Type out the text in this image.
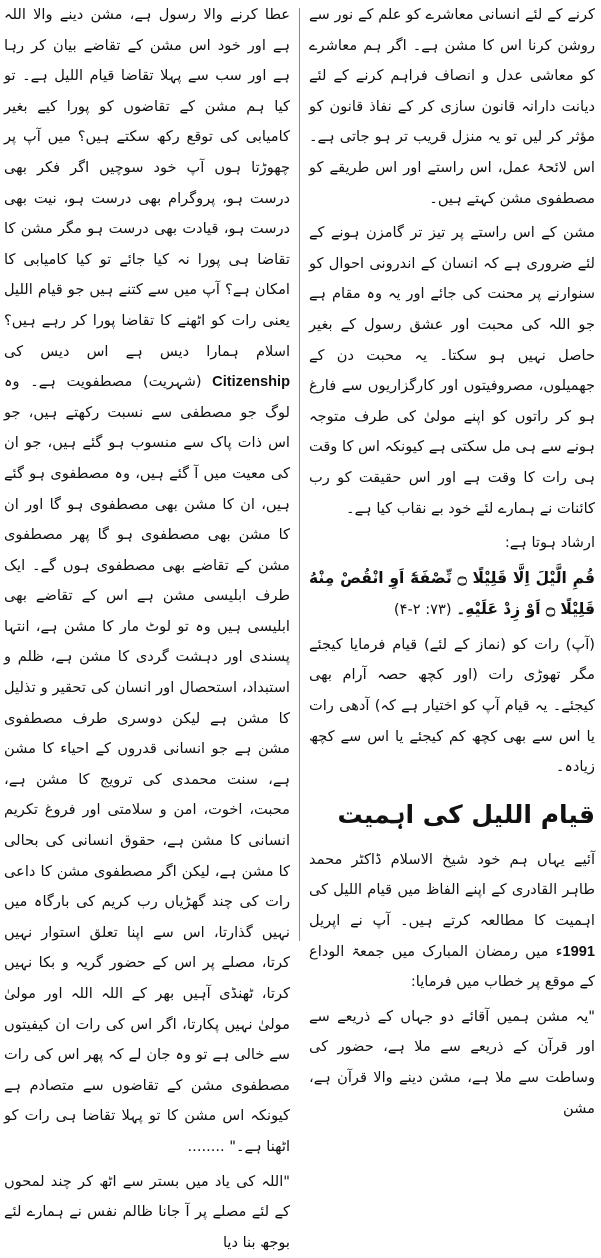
کرنے کے لئے انسانی معاشرے کو علم کے نور سے روشن کرنا اس کا مشن ہے۔ اگر ہم معاشرے کو معاشی عدل و انصاف فراہم کرنے کے لئے دیانت دارانہ قانون سازی کر کے نفاذ قانون کو مؤثر کر لیں تو یہ منزل قریب تر ہو جاتی ہے۔اس لائحۂ عمل، اس راستے اور اس طریقے کو مصطفوی مشن کہتے ہیں۔

مشن کے اس راستے پر تیز تر گامزن ہونے کے لئے ضروری ہے کہ انسان کے اندرونی احوال کو سنوارنے پر محنت کی جائے اور یہ وہ مقام ہے جو اللہ کی محبت اور عشق رسول کے بغیر حاصل نہیں ہو سکتا۔ یہ محبت دن کے جھمیلوں، مصروفیتوں اور کارگزاریوں سے فارغ ہو کر راتوں کو اپنے مولیٰ کی طرف متوجہ ہونے سے ہی مل سکتی ہے کیونکہ اس کا وقت ہی رات کا وقت ہے اور اس حقیقت کو رب کائنات نے ہمارے لئے خود بے نقاب کیا ہے۔

ارشاد ہوتا ہے:

قُمِ الَّيْلَ اِلَّا قَلِيْلًا ۝ نِّصْفَهٗٓ اَوِ انْقُصْ مِنْهُ قَلِيْلًا ۝ اَوْ زِدْ عَلَيْهِ۔ (۷۳: ۲-۴)

(آپ) رات کو (نماز کے لئے) قیام فرمایا کیجئے مگر تھوڑی رات (اور کچھ حصہ آرام بھی کیجئے۔ یہ قیام آپ کو اختیار ہے کہ) آدھی رات یا اس سے بھی کچھ کم کیجئے یا اس سے کچھ زیادہ۔

قیام اللیل کی اہمیت

آئیے یہاں ہم خود شیخ الاسلام ڈاکٹر محمد طاہر القادری کے اپنے الفاظ میں قیام اللیل کی اہمیت کا مطالعہ کرتے ہیں۔ آپ نے اپریل 1991ء میں رمضان المبارک میں جمعۃ الوداع کے موقع پر خطاب میں فرمایا:

"یہ مشن ہمیں آقائے دو جہاں کے ذریعے سے اور قرآن کے ذریعے سے ملا ہے، حضور کی وساطت سے ملا ہے، مشن دینے والا قرآن ہے، مشن

عطا کرنے والا رسول ہے، مشن دینے والا اللہ ہے اور خود اس مشن کے تقاضے بیان کر رہا ہے اور سب سے پہلا تقاضا قیام اللیل ہے۔ تو کیا ہم مشن کے تقاضوں کو پورا کیے بغیر کامیابی کی توقع رکھ سکتے ہیں؟ میں آپ پر چھوڑتا ہوں آپ خود سوچیں اگر فکر بھی درست ہو، پروگرام بھی درست ہو، نیت بھی درست ہو، قیادت بھی درست ہو مگر مشن کا تقاضا ہی پورا نہ کیا جائے تو کیا کامیابی کا امکان ہے؟ آپ میں سے کتنے ہیں جو قیام اللیل یعنی رات کو اٹھنے کا تقاضا پورا کر رہے ہیں؟ اسلام ہمارا دیس ہے اس دیس کی Citizenship (شہریت) مصطفویت ہے۔ وہ لوگ جو مصطفی سے نسبت رکھتے ہیں، جو اس ذات پاک سے منسوب ہو گئے ہیں، جو ان کی معیت میں آ گئے ہیں، وہ مصطفوی ہو گئے ہیں، ان کا مشن بھی مصطفوی ہو گا اور ان کا مشن بھی مصطفوی ہو گا پھر مصطفوی مشن کے تقاضے بھی مصطفوی ہوں گے۔ ایک طرف ابلیسی مشن ہے اس کے تقاضے بھی ابلیسی ہیں وہ تو لوٹ مار کا مشن ہے، انتہا پسندی اور دہشت گردی کا مشن ہے، ظلم و استبداد، استحصال اور انسان کی تحقیر و تذلیل کا مشن ہے لیکن دوسری طرف مصطفوی مشن ہے جو انسانی قدروں کے احیاء کا مشن ہے، سنت محمدی کی ترویج کا مشن ہے، محبت، اخوت، امن و سلامتی اور فروغ تکریم انسانی کا مشن ہے، حقوق انسانی کی بحالی کا مشن ہے، لیکن اگر مصطفوی مشن کا داعی رات کی چند گھڑیاں رب کریم کی بارگاہ میں نہیں گذارتا، اس سے اپنا تعلق استوار نہیں کرتا، مصلے پر اس کے حضور گریہ و بکا نہیں کرتا، ٹھنڈی آہیں بھر کے اللہ اللہ اور مولیٰ مولیٰ نہیں پکارتا، اگر اس کی رات ان کیفیتوں سے خالی ہے تو وہ جان لے کہ پھر اس کی رات مصطفوی مشن کے تقاضوں سے متصادم ہے کیونکہ اس مشن کا تو پہلا تقاضا ہی رات کو اٹھنا ہے۔" ........

"اللہ کی یاد میں بستر سے اٹھ کر چند لمحوں کے لئے مصلے پر آ جانا ظالم نفس نے ہمارے لئے بوجھ بنا دیا
